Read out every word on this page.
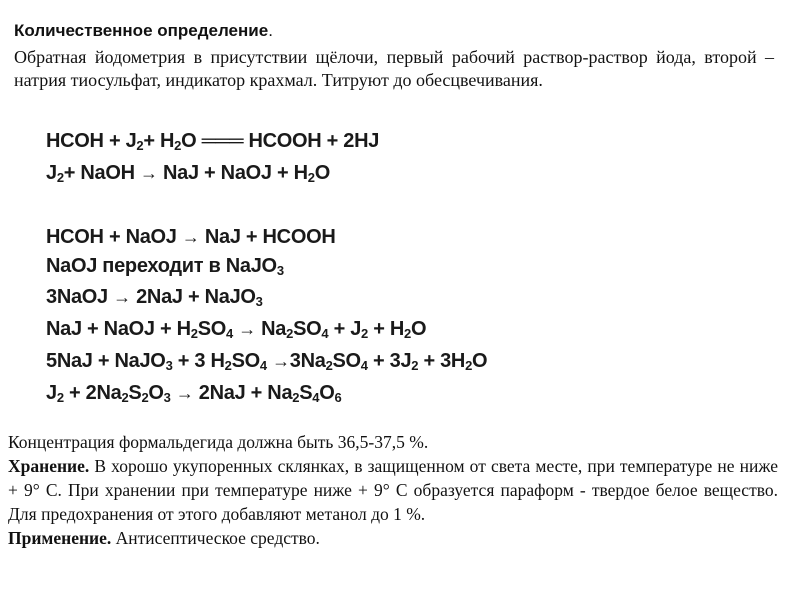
Количественное определение.
Обратная йодометрия в присутствии щёлочи, первый рабочий раствор-раствор йода, второй –натрия тиосульфат, индикатор крахмал. Титруют до обесцвечивания.
HCOH + $J_2+ H_2O$ ═══ HCOOH + 2HJ
$J_2+$ NaOH → NaJ + NaOJ + $H_2O$
HCOH + NaOJ → NaJ + HCOOH
NaOJ переходит в NaJO$_3$
3NaOJ → 2NaJ + NaJO$_3$
NaJ + NaOJ + $H_2SO_4 \to Na_2SO_4 + J_2 + H_2O$
5NaJ + NaJO$_3$ + 3 $H_2SO_4 \to 3Na_2SO_4 + 3J_2 + 3H_2O$
$J_2 + 2Na_2S_2O_3 \to 2NaJ + Na_2S_4O_6$

Концентрация формальдегида должна быть 36,5-37,5 %.

Хранение. В хорошо укупоренных склянках, в защищенном от света месте, при температуре не ниже + 9° С. При хранении при температуре ниже + 9° С образуется параформ - твердое белое вещество. Для предохранения от этого добавляют метанол до 1 %.

Применение. Антисептическое средство.
